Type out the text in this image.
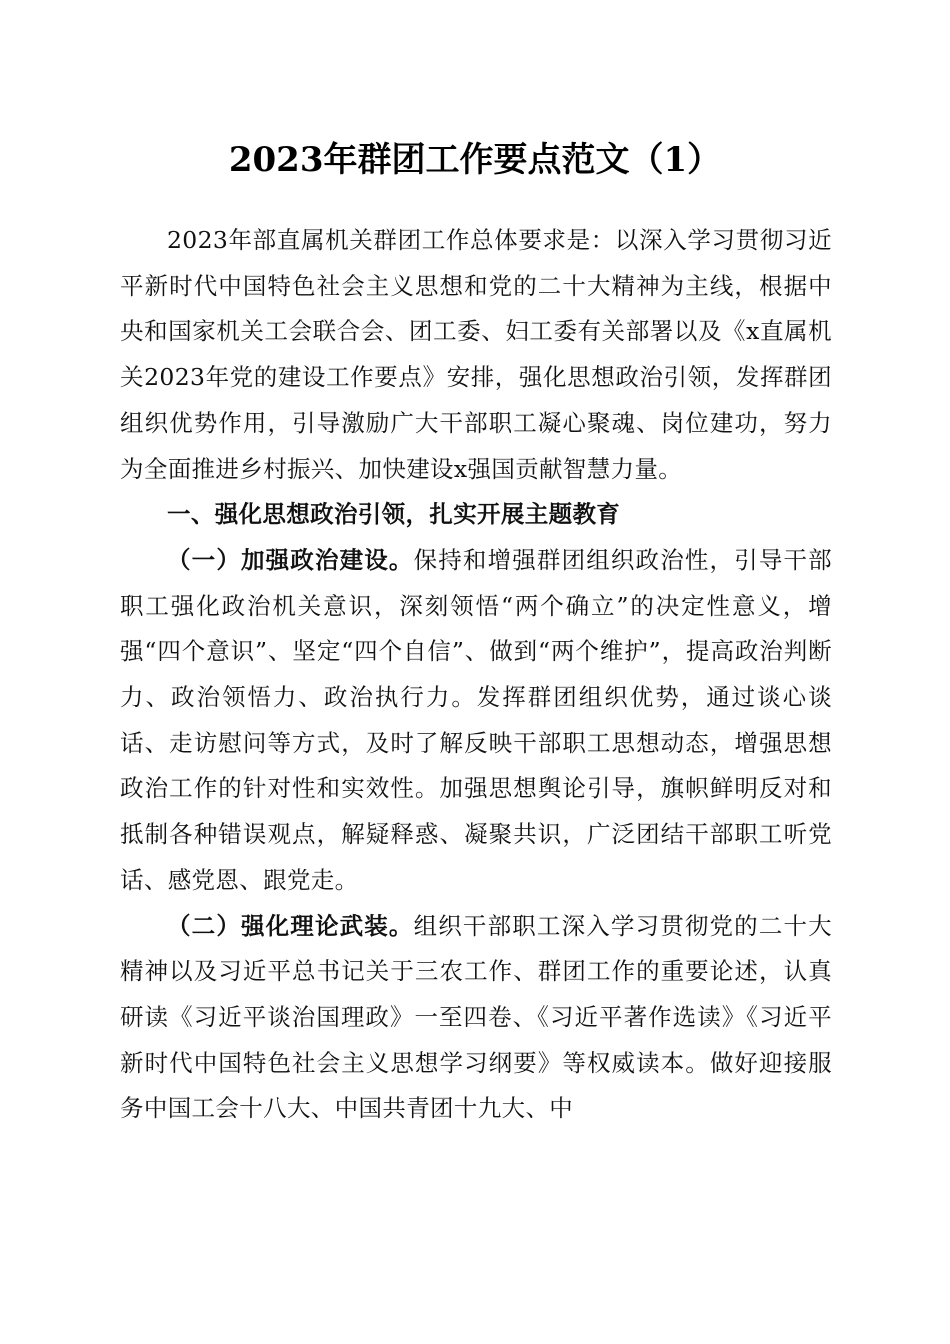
2023年群团工作要点范文（1）

2023年部直属机关群团工作总体要求是：以深入学习贯彻习近平新时代中国特色社会主义思想和党的二十大精神为主线，根据中央和国家机关工会联合会、团工委、妇工委有关部署以及《x直属机关2023年党的建设工作要点》安排，强化思想政治引领，发挥群团组织优势作用，引导激励广大干部职工凝心聚魂、岗位建功，努力为全面推进乡村振兴、加快建设x强国贡献智慧力量。

一、强化思想政治引领，扎实开展主题教育

（一）加强政治建设。保持和增强群团组织政治性，引导干部职工强化政治机关意识，深刻领悟“两个确立”的决定性意义，增强“四个意识”、坚定“四个自信”、做到“两个维护”，提高政治判断力、政治领悟力、政治执行力。发挥群团组织优势，通过谈心谈话、走访慰问等方式，及时了解反映干部职工思想动态，增强思想政治工作的针对性和实效性。加强思想舆论引导，旗帜鲜明反对和抵制各种错误观点，解疑释惑、凝聚共识，广泛团结干部职工听党话、感党恩、跟党走。

（二）强化理论武装。组织干部职工深入学习贯彻党的二十大精神以及习近平总书记关于三农工作、群团工作的重要论述，认真研读《习近平谈治国理政》一至四卷、《习近平著作选读》《习近平新时代中国特色社会主义思想学习纲要》等权威读本。做好迎接服务中国工会十八大、中国共青团十九大、中
